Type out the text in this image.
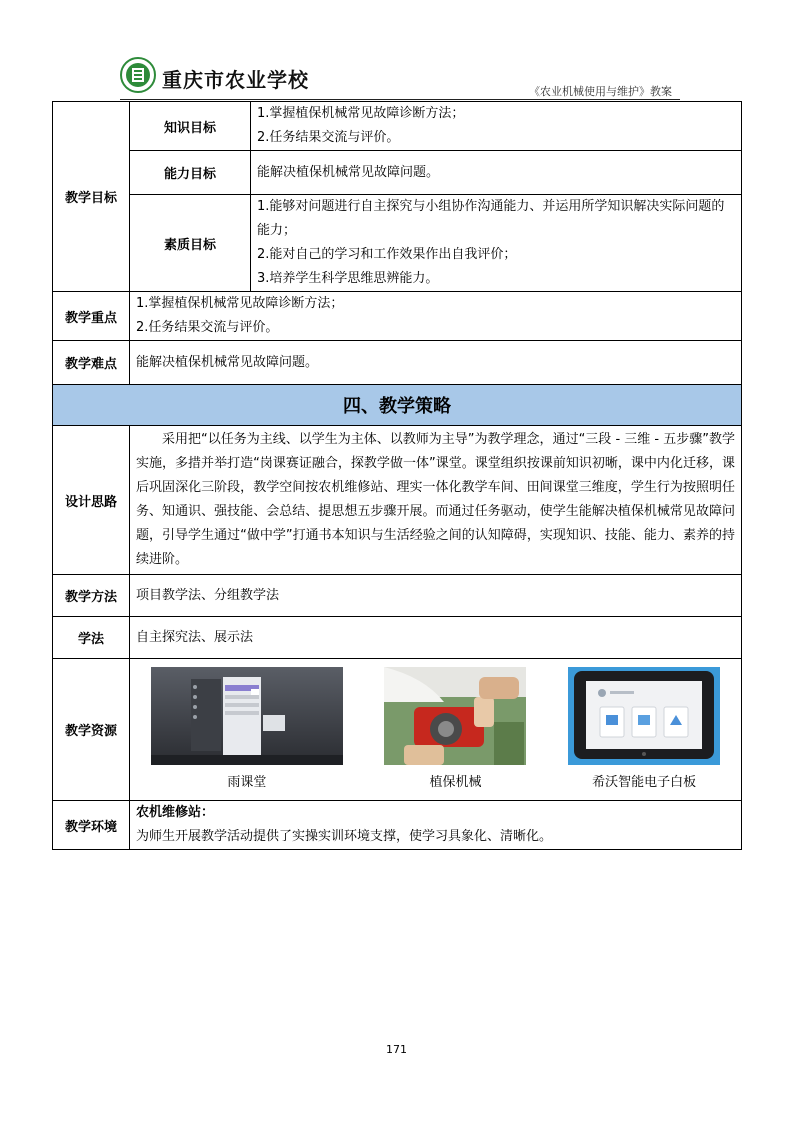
重庆市农业学校	《农业机械使用与维护》教案
教学目标	知识目标	1.掌握植保机械常见故障诊断方法；
2.任务结果交流与评价。

	能力目标	能解决植保机械常见故障问题。
	素质目标	1.能够对问题进行自主探究与小组协作沟通能力、并运用所学知识解决实际问题的能力；
2.能对自己的学习和工作效果作出自我评价；
3.培养学生科学思维思辨能力。

教学重点	1.掌握植保机械常见故障诊断方法；
2.任务结果交流与评价。	

教学难点	能解决植保机械常见故障问题。	
四、教学策略		
设计思路	采用把“以任务为主线、以学生为主体、以教师为主导”为教学理念，通过“三段 - 三维 - 五步骤”教学实施，多措并举打造“岗课赛证融合，探教学做一体”课堂。课堂组织按课前知识初晰，课中内化迁移，课后巩固深化三阶段，教学空间按农机维修站、理实一体化教学车间、田间课堂三维度，学生行为按照明任务、知通识、强技能、会总结、提思想五步骤开展。而通过任务驱动，使学生能解决植保机械常见故障问题，引导学生通过“做中学”打通书本知识与生活经验之间的认知障碍，实现知识、技能、能力、素养的持续进阶。	

教学方法	项目教学法、分组教学法	
学法	自主探究法、展示法	
教学资源	雨课堂 植保机械 希沃智能电子白板	

教学环境	农机维修站：
为师生开展教学活动提供了实操实训环境支撑，使学习具象化、清晰化。	
171
